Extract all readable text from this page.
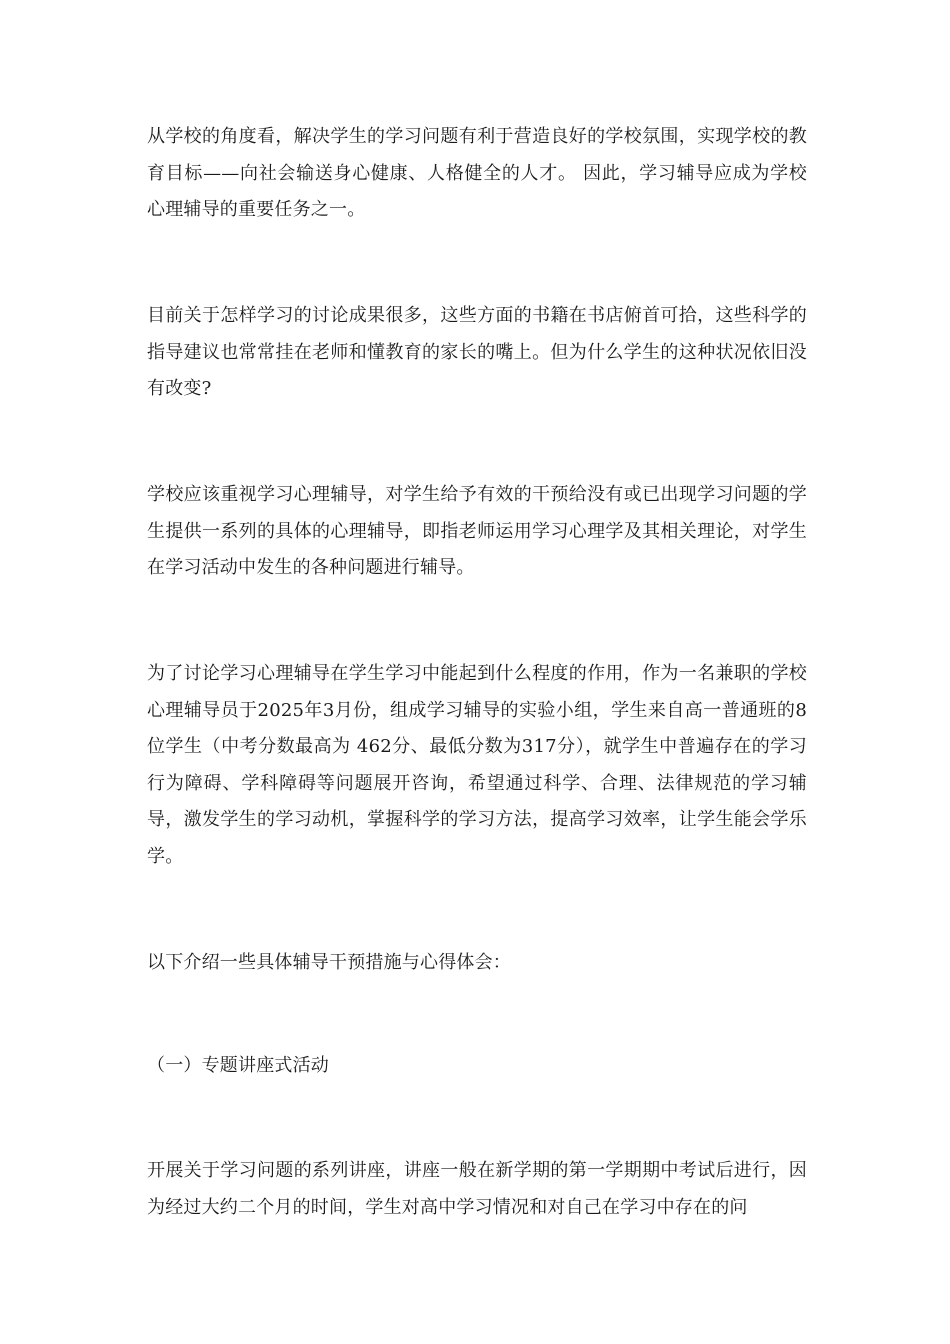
从学校的角度看，解决学生的学习问题有利于营造良好的学校氛围，实现学校的教育目标——向社会输送身心健康、人格健全的人才。 因此，学习辅导应成为学校心理辅导的重要任务之一。

目前关于怎样学习的讨论成果很多，这些方面的书籍在书店俯首可拾，这些科学的指导建议也常常挂在老师和懂教育的家长的嘴上。但为什么学生的这种状况依旧没有改变?

学校应该重视学习心理辅导，对学生给予有效的干预给没有或已出现学习问题的学生提供一系列的具体的心理辅导，即指老师运用学习心理学及其相关理论，对学生在学习活动中发生的各种问题进行辅导。

为了讨论学习心理辅导在学生学习中能起到什么程度的作用，作为一名兼职的学校心理辅导员于2025年3月份，组成学习辅导的实验小组，学生来自高一普通班的8位学生（中考分数最高为 462分、最低分数为317分），就学生中普遍存在的学习行为障碍、学科障碍等问题展开咨询，希望通过科学、合理、法律规范的学习辅导，激发学生的学习动机，掌握科学的学习方法，提高学习效率，让学生能会学乐学。

以下介绍一些具体辅导干预措施与心得体会：

（一）专题讲座式活动

开展关于学习问题的系列讲座，讲座一般在新学期的第一学期期中考试后进行，因为经过大约二个月的时间，学生对高中学习情况和对自己在学习中存在的问
